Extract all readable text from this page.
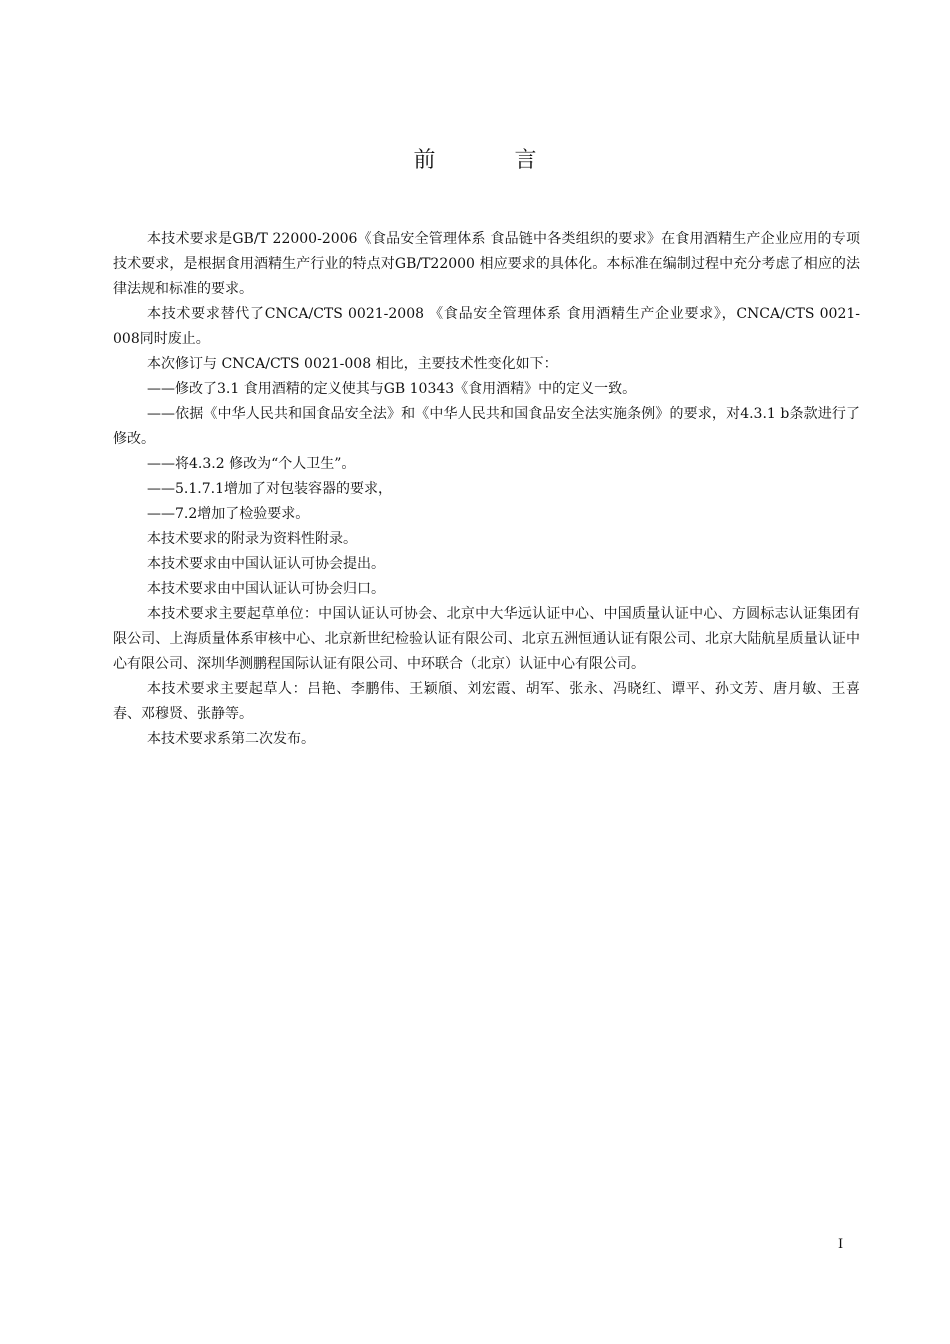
前 言

本技术要求是GB/T 22000-2006《食品安全管理体系 食品链中各类组织的要求》在食用酒精生产企业应用的专项技术要求，是根据食用酒精生产行业的特点对GB/T22000 相应要求的具体化。本标准在编制过程中充分考虑了相应的法律法规和标准的要求。

本技术要求替代了CNCA/CTS 0021-2008 《食品安全管理体系 食用酒精生产企业要求》，CNCA/CTS 0021-008同时废止。

本次修订与 CNCA/CTS 0021-008 相比，主要技术性变化如下：

——修改了3.1 食用酒精的定义使其与GB 10343《食用酒精》中的定义一致。

——依据《中华人民共和国食品安全法》和《中华人民共和国食品安全法实施条例》的要求，对4.3.1 b条款进行了修改。

——将4.3.2 修改为“个人卫生”。

——5.1.7.1增加了对包装容器的要求，

——7.2增加了检验要求。

本技术要求的附录为资料性附录。

本技术要求由中国认证认可协会提出。

本技术要求由中国认证认可协会归口。

本技术要求主要起草单位：中国认证认可协会、北京中大华远认证中心、中国质量认证中心、方圆标志认证集团有限公司、上海质量体系审核中心、北京新世纪检验认证有限公司、北京五洲恒通认证有限公司、北京大陆航星质量认证中心有限公司、深圳华测鹏程国际认证有限公司、中环联合（北京）认证中心有限公司。

本技术要求主要起草人：吕艳、李鹏伟、王颖頎、刘宏霞、胡军、张永、冯晓红、谭平、孙文芳、唐月敏、王喜春、邓穆贤、张静等。

本技术要求系第二次发布。

I
